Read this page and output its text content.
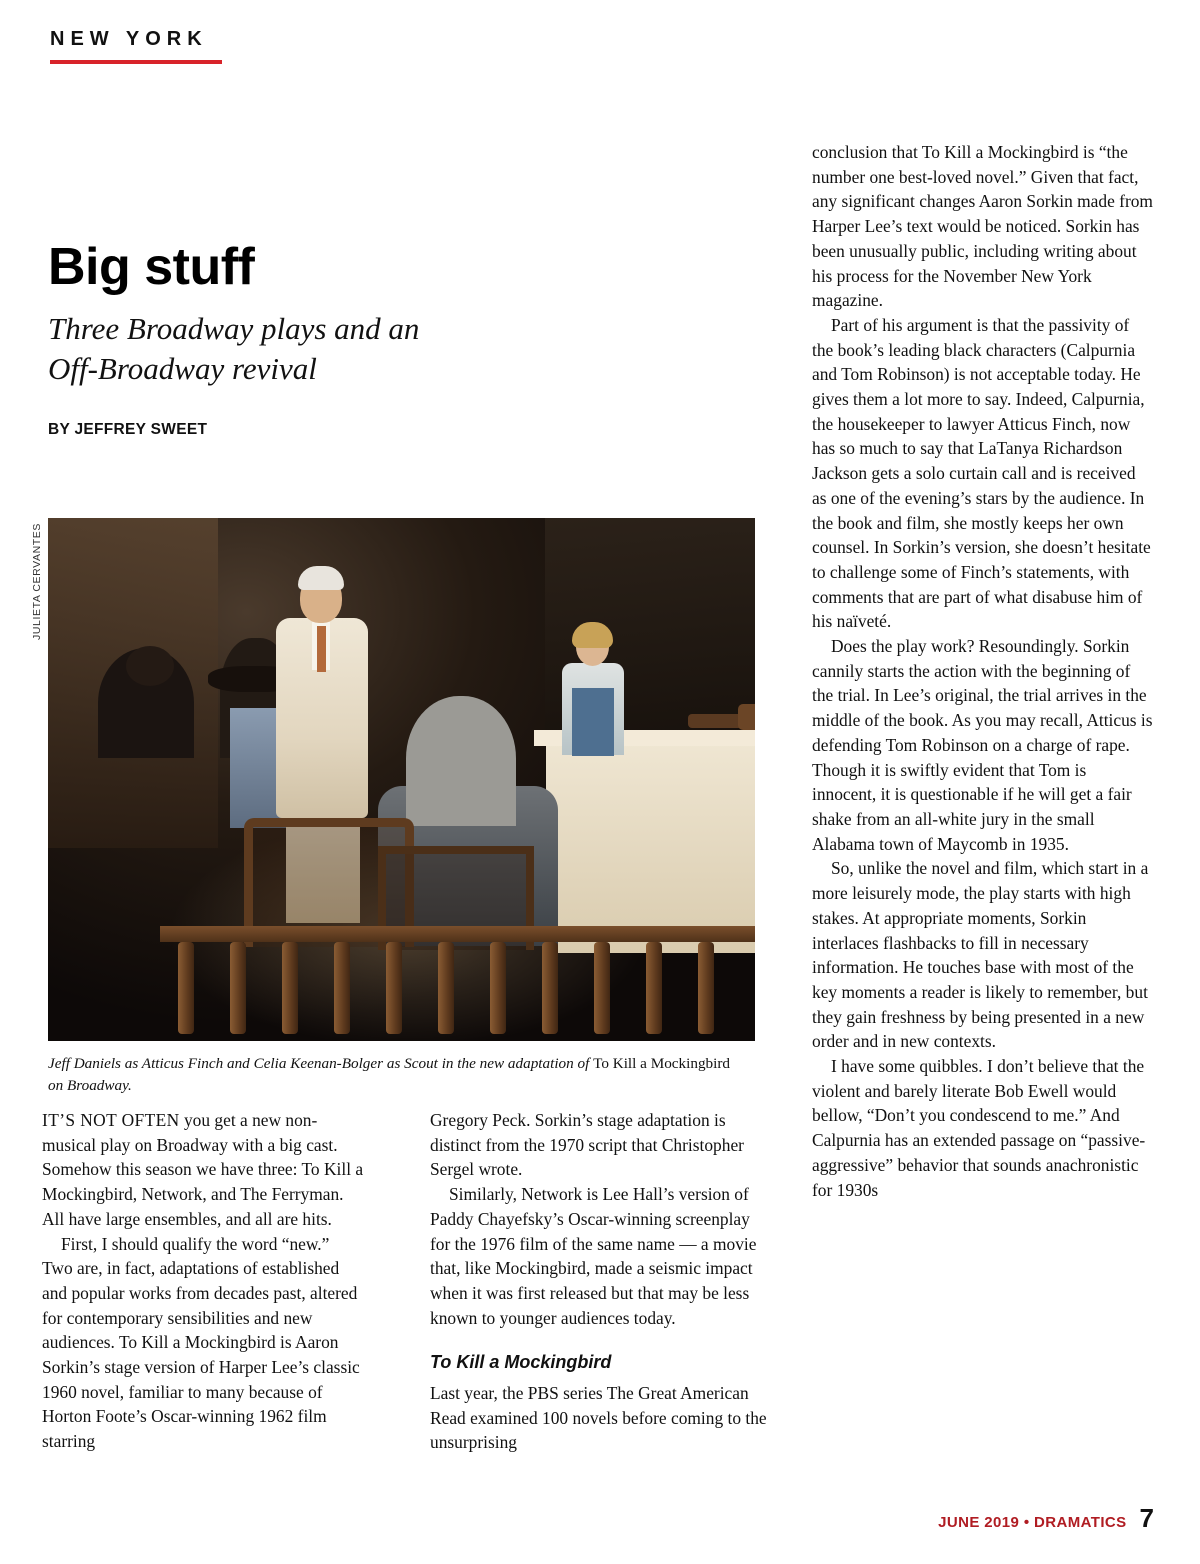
NEW YORK
Big stuff
Three Broadway plays and an
Off-Broadway revival
BY JEFFREY SWEET
Jeff Daniels as Atticus Finch and Celia Keenan-Bolger as Scout in the new adaptation of To Kill a Mockingbird on Broadway.
JULIETA CERVANTES

IT’S NOT OFTEN you get a new non-musical play on Broadway with a big cast. Somehow this season we have three: To Kill a Mockingbird, Network, and The Ferryman. All have large ensembles, and all are hits.

First, I should qualify the word “new.” Two are, in fact, adaptations of established and popular works from decades past, altered for contemporary sensibilities and new audiences. To Kill a Mockingbird is Aaron Sorkin’s stage version of Harper Lee’s classic 1960 novel, familiar to many because of Horton Foote’s Oscar-winning 1962 film starring

Gregory Peck. Sorkin’s stage adaptation is distinct from the 1970 script that Christopher Sergel wrote.

Similarly, Network is Lee Hall’s version of Paddy Chayefsky’s Oscar-winning screenplay for the 1976 film of the same name — a movie that, like Mockingbird, made a seismic impact when it was first released but that may be less known to younger audiences today.

To Kill a Mockingbird

Last year, the PBS series The Great American Read examined 100 novels before coming to the unsurprising

conclusion that To Kill a Mockingbird is “the number one best-loved novel.” Given that fact, any significant changes Aaron Sorkin made from Harper Lee’s text would be noticed. Sorkin has been unusually public, including writing about his process for the November New York magazine.

Part of his argument is that the passivity of the book’s leading black characters (Calpurnia and Tom Robinson) is not acceptable today. He gives them a lot more to say. Indeed, Calpurnia, the housekeeper to lawyer Atticus Finch, now has so much to say that LaTanya Richardson Jackson gets a solo curtain call and is received as one of the evening’s stars by the audience. In the book and film, she mostly keeps her own counsel. In Sorkin’s version, she doesn’t hesitate to challenge some of Finch’s statements, with comments that are part of what disabuse him of his naïveté.

Does the play work? Resoundingly. Sorkin cannily starts the action with the beginning of the trial. In Lee’s original, the trial arrives in the middle of the book. As you may recall, Atticus is defending Tom Robinson on a charge of rape. Though it is swiftly evident that Tom is innocent, it is questionable if he will get a fair shake from an all-white jury in the small Alabama town of Maycomb in 1935.

So, unlike the novel and film, which start in a more leisurely mode, the play starts with high stakes. At appropriate moments, Sorkin interlaces flashbacks to fill in necessary information. He touches base with most of the key moments a reader is likely to remember, but they gain freshness by being presented in a new order and in new contexts.

I have some quibbles. I don’t believe that the violent and barely literate Bob Ewell would bellow, “Don’t you condescend to me.” And Calpurnia has an extended passage on “passive-aggressive” behavior that sounds anachronistic for 1930s

JUNE 2019 • DRAMATICS 7
